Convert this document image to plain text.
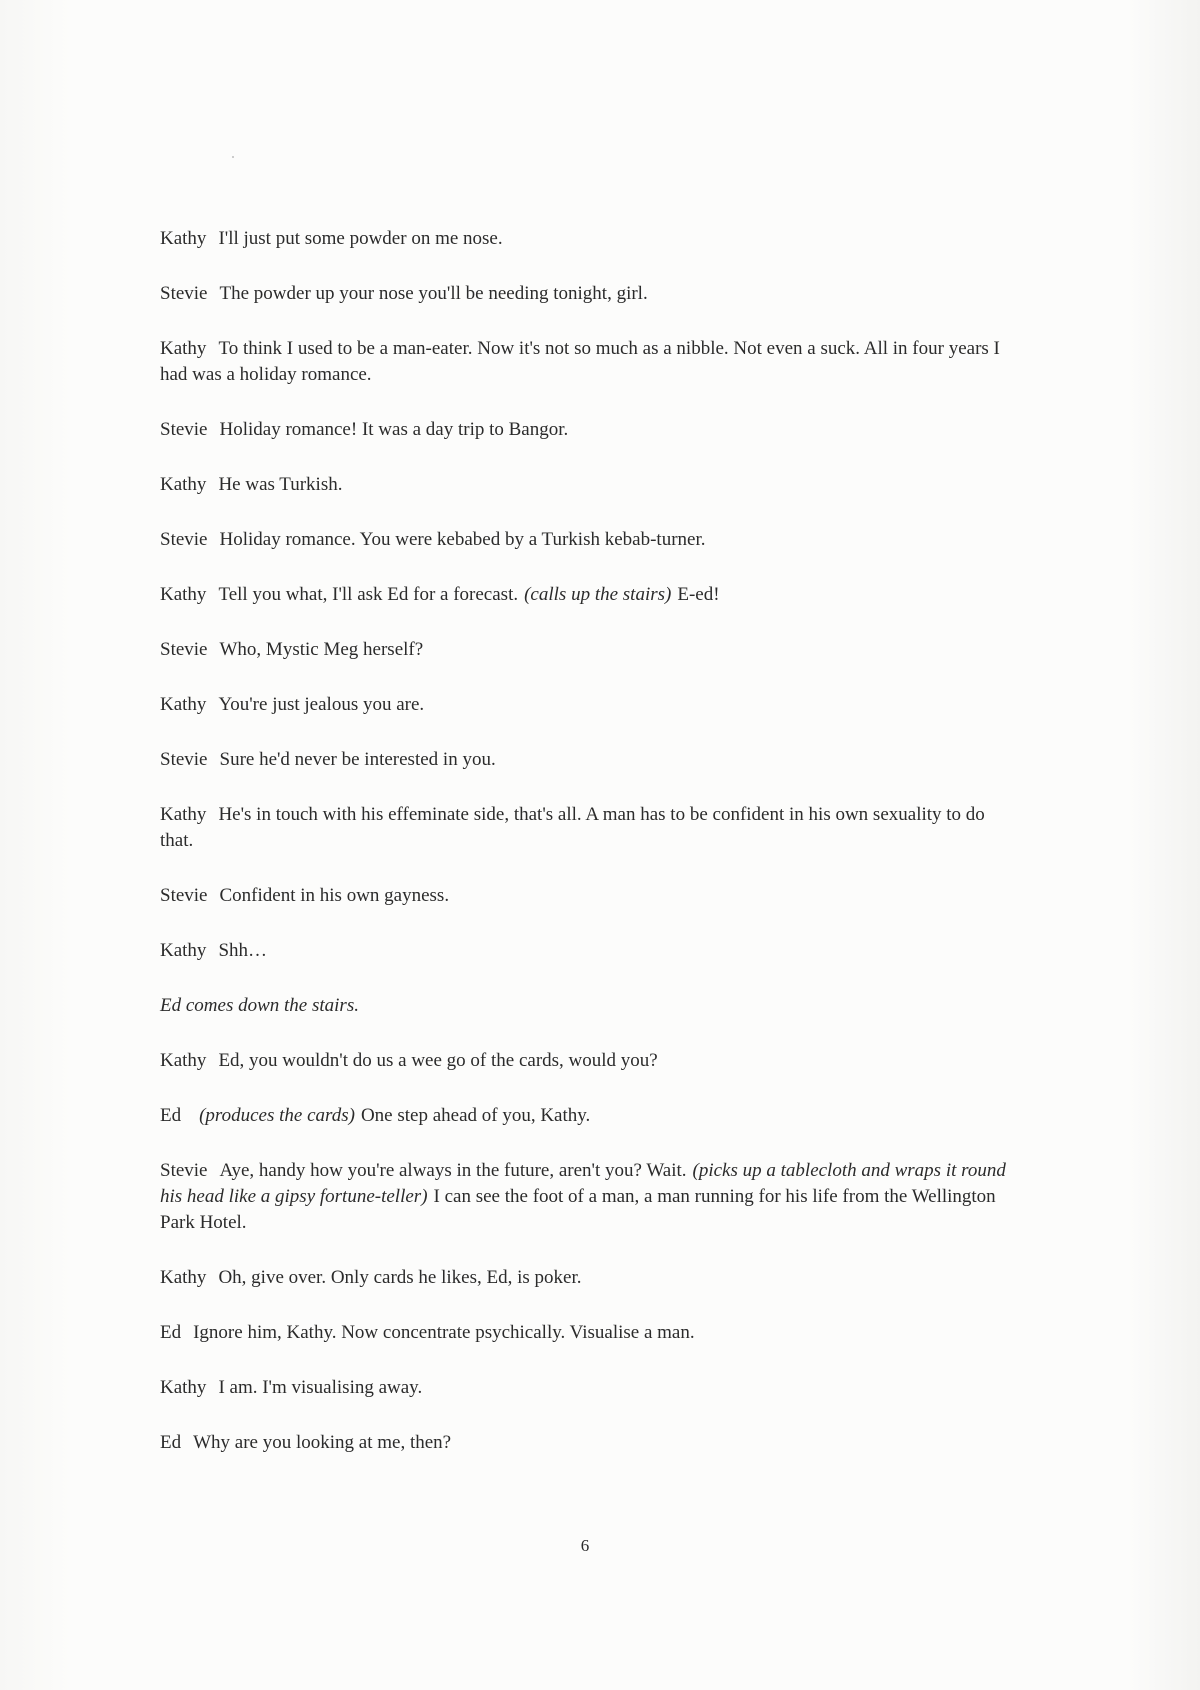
Kathy I'll just put some powder on me nose.

Stevie The powder up your nose you'll be needing tonight, girl.

Kathy To think I used to be a man-eater. Now it's not so much as a nibble. Not even a suck. All in four years I had was a holiday romance.

Stevie Holiday romance! It was a day trip to Bangor.

Kathy He was Turkish.

Stevie Holiday romance. You were kebabed by a Turkish kebab-turner.

Kathy Tell you what, I'll ask Ed for a forecast. (calls up the stairs) E-ed!

Stevie Who, Mystic Meg herself?

Kathy You're just jealous you are.

Stevie Sure he'd never be interested in you.

Kathy He's in touch with his effeminate side, that's all. A man has to be confident in his own sexuality to do that.

Stevie Confident in his own gayness.

Kathy Shh…

Ed comes down the stairs.

Kathy Ed, you wouldn't do us a wee go of the cards, would you?

Ed (produces the cards) One step ahead of you, Kathy.

Stevie Aye, handy how you're always in the future, aren't you? Wait. (picks up a tablecloth and wraps it round his head like a gipsy fortune-teller) I can see the foot of a man, a man running for his life from the Wellington Park Hotel.

Kathy Oh, give over. Only cards he likes, Ed, is poker.

Ed Ignore him, Kathy. Now concentrate psychically. Visualise a man.

Kathy I am. I'm visualising away.

Ed Why are you looking at me, then?

6
